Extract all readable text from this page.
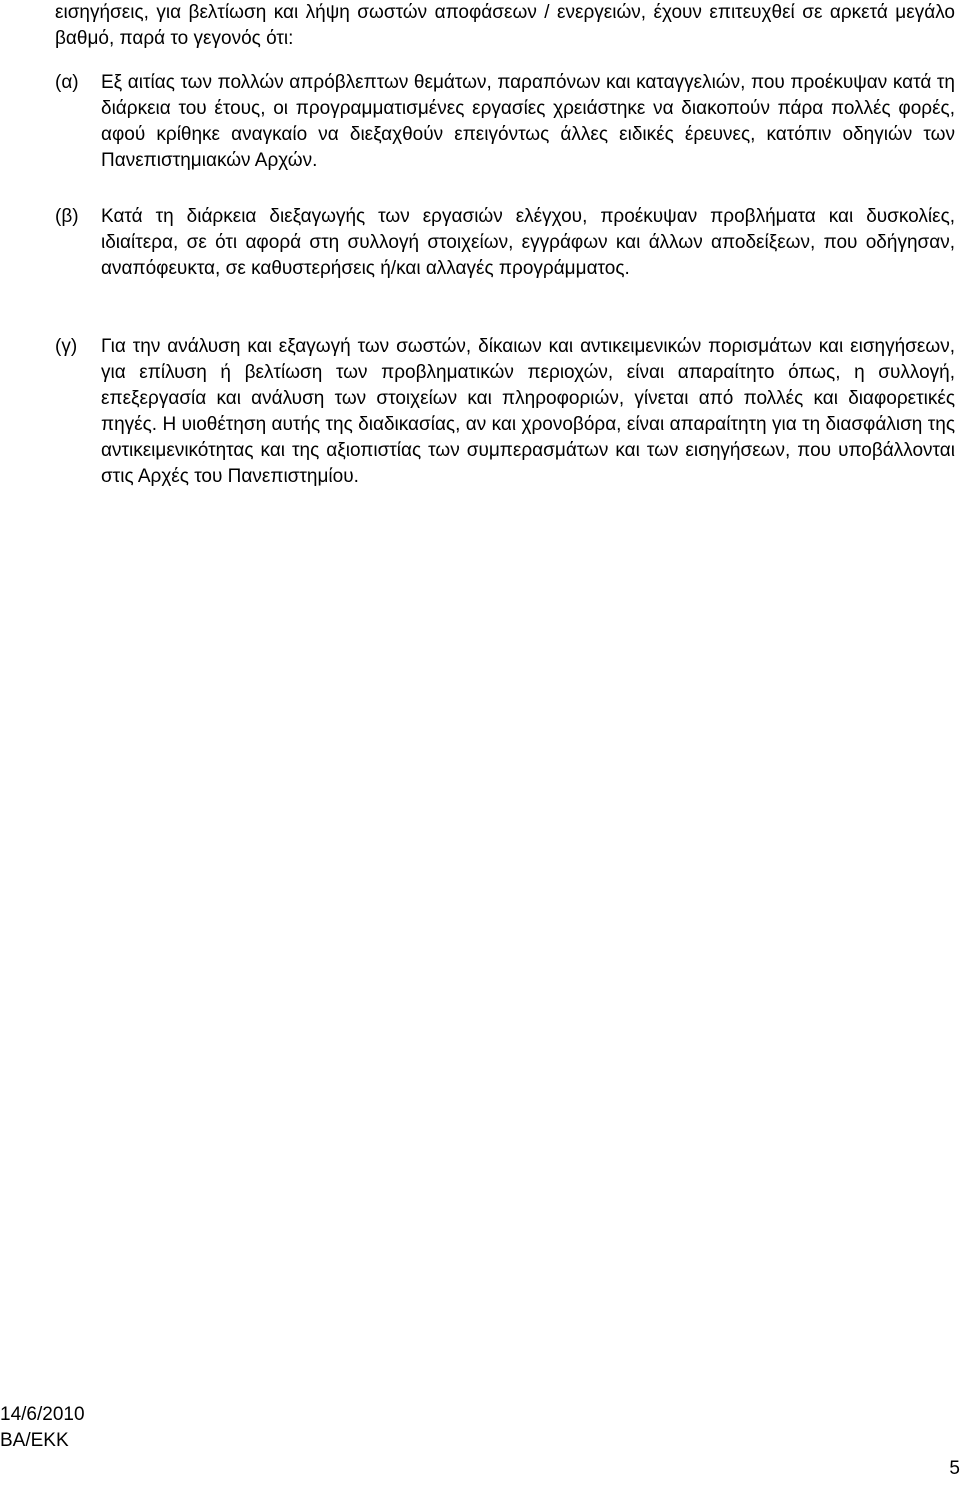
εισηγήσεις, για βελτίωση και λήψη σωστών αποφάσεων / ενεργειών, έχουν επιτευχθεί σε αρκετά μεγάλο βαθμό, παρά το γεγονός ότι:

(α)	Εξ αιτίας των πολλών απρόβλεπτων θεμάτων, παραπόνων και καταγγελιών, που προέκυψαν κατά τη διάρκεια του έτους, οι προγραμματισμένες εργασίες χρειάστηκε να διακοπούν πάρα πολλές φορές, αφού κρίθηκε αναγκαίο να διεξαχθούν επειγόντως άλλες ειδικές έρευνες, κατόπιν οδηγιών των Πανεπιστημιακών Αρχών.
(β)	Κατά τη διάρκεια διεξαγωγής των εργασιών ελέγχου, προέκυψαν προβλήματα και δυσκολίες, ιδιαίτερα, σε ότι αφορά στη συλλογή στοιχείων, εγγράφων και άλλων αποδείξεων, που οδήγησαν, αναπόφευκτα, σε καθυστερήσεις ή/και αλλαγές προγράμματος.
(γ)	Για την ανάλυση και εξαγωγή των σωστών, δίκαιων και αντικειμενικών πορισμάτων και εισηγήσεων, για επίλυση ή βελτίωση των προβληματικών περιοχών, είναι απαραίτητο όπως, η συλλογή, επεξεργασία και ανάλυση των στοιχείων και πληροφοριών, γίνεται από πολλές και διαφορετικές πηγές. Η υιοθέτηση αυτής της διαδικασίας, αν και χρονοβόρα, είναι απαραίτητη για τη διασφάλιση της αντικειμενικότητας και της αξιοπιστίας των συμπερασμάτων και των εισηγήσεων, που υποβάλλονται στις Αρχές του Πανεπιστημίου.
14/6/2010
ΒΑ/ΕΚΚ
5
